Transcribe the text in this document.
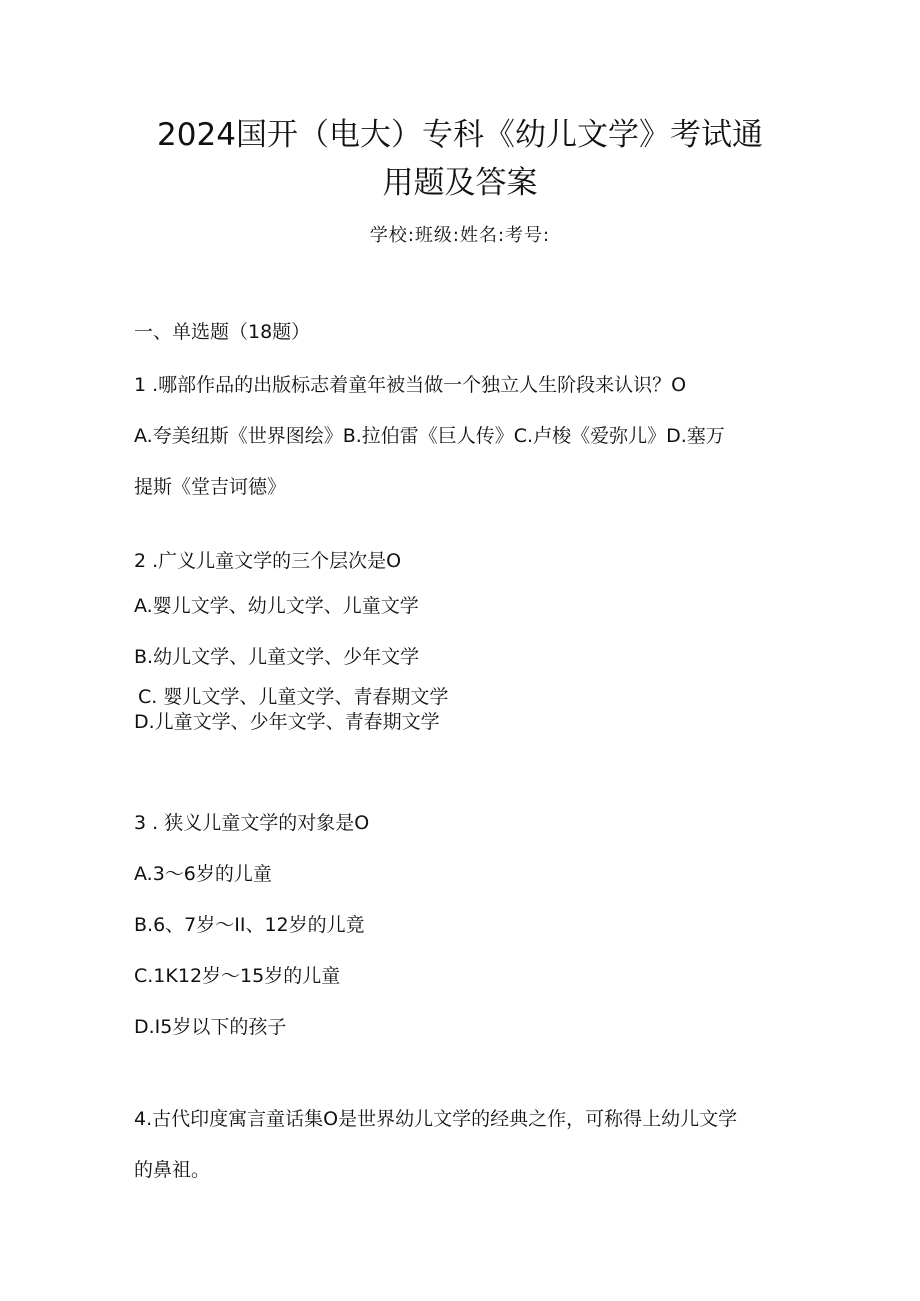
2024国开（电大）专科《幼儿文学》考试通
用题及答案
学校:班级:姓名:考号:
一、单选题（18题）
1 .哪部作品的出版标志着童年被当做一个独立人生阶段来认识？O
A.夸美纽斯《世界图绘》B.拉伯雷《巨人传》C.卢梭《爱弥儿》D.塞万
提斯《堂吉诃德》
2 .广义儿童文学的三个层次是O
A.婴儿文学、幼儿文学、儿童文学
B.幼儿文学、儿童文学、少年文学
C. 婴儿文学、儿童文学、青春期文学
D.儿童文学、少年文学、青春期文学
3 . 狭义儿童文学的对象是O
A.3～6岁的儿童
B.6、7岁～II、12岁的儿竟
C.1K12岁～15岁的儿童
D.I5岁以下的孩子
4.古代印度寓言童话集O是世界幼儿文学的经典之作，可称得上幼儿文学
的鼻祖。
